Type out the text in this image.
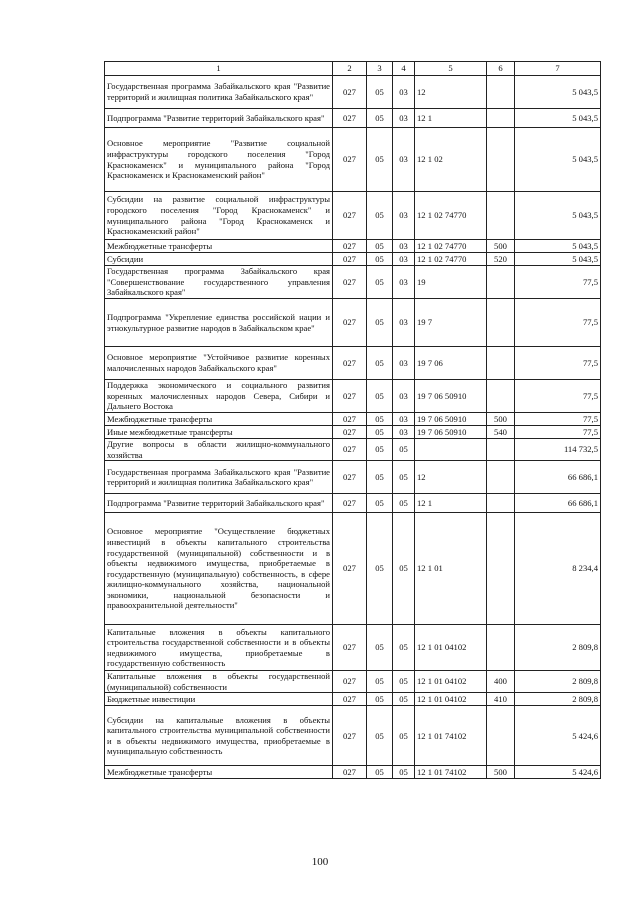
1	2	3	4	5	6	7
Государственная программа Забайкальского края "Развитие территорий и жилищная политика Забайкальского края"	027	05	03	12		5 043,5
Подпрограмма "Развитие территорий Забайкальского края"	027	05	03	12 1		5 043,5
Основное мероприятие "Развитие социальной инфраструктуры городского поселения "Город Краснокаменск" и муниципального района "Город Краснокаменск и Краснокаменский район"	027	05	03	12 1 02		5 043,5
Субсидии на развитие социальной инфраструктуры городского поселения "Город Краснокаменск" и муниципального района "Город Краснокаменск и Краснокаменский район"	027	05	03	12 1 02 74770		5 043,5
Межбюджетные трансферты	027	05	03	12 1 02 74770	500	5 043,5
Субсидии	027	05	03	12 1 02 74770	520	5 043,5
Государственная программа Забайкальского края "Совершенствование государственного управления Забайкальского края"	027	05	03	19		77,5
Подпрограмма "Укрепление единства российской нации и этнокультурное развитие народов в Забайкальском крае"	027	05	03	19 7		77,5
Основное мероприятие "Устойчивое развитие коренных малочисленных народов Забайкальского края"	027	05	03	19 7 06		77,5
Поддержка экономического и социального развития коренных малочисленных народов Севера, Сибири и Дальнего Востока	027	05	03	19 7 06 50910		77,5
Межбюджетные трансферты	027	05	03	19 7 06 50910	500	77,5
Иные межбюджетные трансферты	027	05	03	19 7 06 50910	540	77,5
Другие вопросы в области жилищно-коммунального хозяйства	027	05	05			114 732,5
Государственная программа Забайкальского края "Развитие территорий и жилищная политика Забайкальского края"	027	05	05	12		66 686,1
Подпрограмма "Развитие территорий Забайкальского края"	027	05	05	12 1		66 686,1
Основное мероприятие "Осуществление бюджетных инвестиций в объекты капитального строительства государственной (муниципальной) собственности и в объекты недвижимого имущества, приобретаемые в государственную (муниципальную) собственность, в сфере жилищно-коммунального хозяйства, национальной экономики, национальной безопасности и правоохранительной деятельности"	027	05	05	12 1 01		8 234,4
Капитальные вложения в объекты капитального строительства государственной собственности и в объекты недвижимого имущества, приобретаемые в государственную собственность	027	05	05	12 1 01 04102		2 809,8
Капитальные вложения в объекты государственной (муниципальной) собственности	027	05	05	12 1 01 04102	400	2 809,8
Бюджетные инвестиции	027	05	05	12 1 01 04102	410	2 809,8
Субсидии на капитальные вложения в объекты капитального строительства муниципальной собственности и в объекты недвижимого имущества, приобретаемые в муниципальную собственность	027	05	05	12 1 01 74102		5 424,6
Межбюджетные трансферты	027	05	05	12 1 01 74102	500	5 424,6
100
